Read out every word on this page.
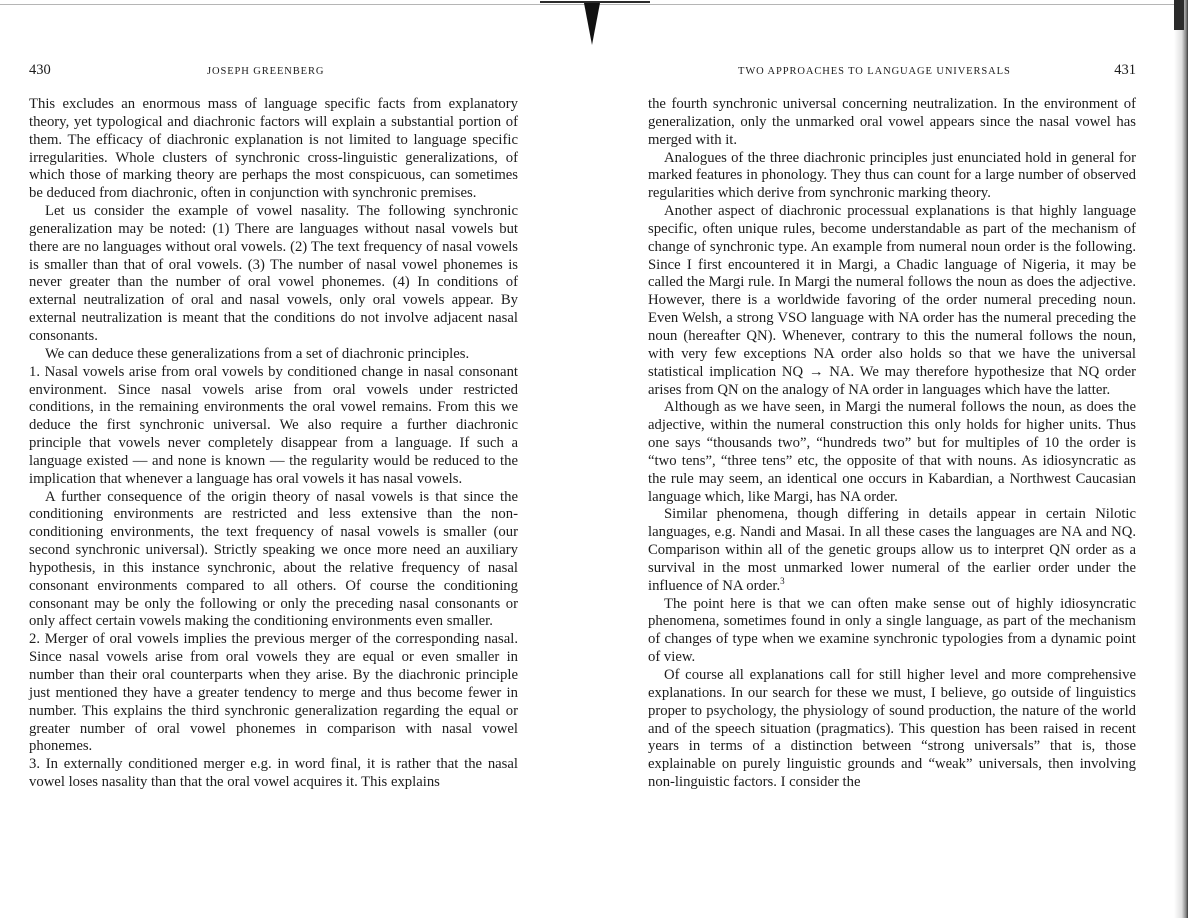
430	JOSEPH GREENBERG

This excludes an enormous mass of language specific facts from explanatory theory, yet typological and diachronic factors will explain a substantial portion of them. The efficacy of diachronic explanation is not limited to language specific irregularities. Whole clusters of synchronic cross-linguistic generalizations, of which those of marking theory are perhaps the most conspicuous, can sometimes be deduced from diachronic, often in conjunction with synchronic premises.

Let us consider the example of vowel nasality. The following synchronic generalization may be noted: (1) There are languages without nasal vowels but there are no languages without oral vowels. (2) The text frequency of nasal vowels is smaller than that of oral vowels. (3) The number of nasal vowel phonemes is never greater than the number of oral vowel phonemes. (4) In conditions of external neutralization of oral and nasal vowels, only oral vowels appear. By external neutralization is meant that the conditions do not involve adjacent nasal consonants.

We can deduce these generalizations from a set of diachronic principles.

1. Nasal vowels arise from oral vowels by conditioned change in nasal consonant environment. Since nasal vowels arise from oral vowels under restricted conditions, in the remaining environments the oral vowel remains. From this we deduce the first synchronic universal. We also require a further diachronic principle that vowels never completely disappear from a language. If such a language existed — and none is known — the regularity would be reduced to the implication that whenever a language has oral vowels it has nasal vowels.

A further consequence of the origin theory of nasal vowels is that since the conditioning environments are restricted and less extensive than the nonconditioning environments, the text frequency of nasal vowels is smaller (our second synchronic universal). Strictly speaking we once more need an auxiliary hypothesis, in this instance synchronic, about the relative frequency of nasal consonant environments compared to all others. Of course the conditioning consonant may be only the following or only the preceding nasal consonants or only affect certain vowels making the conditioning environments even smaller.

2. Merger of oral vowels implies the previous merger of the corresponding nasal. Since nasal vowels arise from oral vowels they are equal or even smaller in number than their oral counterparts when they arise. By the diachronic principle just mentioned they have a greater tendency to merge and thus become fewer in number. This explains the third synchronic generalization regarding the equal or greater number of oral vowel phonemes in comparison with nasal vowel phonemes.

3. In externally conditioned merger e.g. in word final, it is rather that the nasal vowel loses nasality than that the oral vowel acquires it. This explains

TWO APPROACHES TO LANGUAGE UNIVERSALS	431

the fourth synchronic universal concerning neutralization. In the environment of generalization, only the unmarked oral vowel appears since the nasal vowel has merged with it.

Analogues of the three diachronic principles just enunciated hold in general for marked features in phonology. They thus can count for a large number of observed regularities which derive from synchronic marking theory.

Another aspect of diachronic processual explanations is that highly language specific, often unique rules, become understandable as part of the mechanism of change of synchronic type. An example from numeral noun order is the following. Since I first encountered it in Margi, a Chadic language of Nigeria, it may be called the Margi rule. In Margi the numeral follows the noun as does the adjective. However, there is a worldwide favoring of the order numeral preceding noun. Even Welsh, a strong VSO language with NA order has the numeral preceding the noun (hereafter QN). Whenever, contrary to this the numeral follows the noun, with very few exceptions NA order also holds so that we have the universal statistical implication NQ → NA. We may therefore hypothesize that NQ order arises from QN on the analogy of NA order in languages which have the latter.

Although as we have seen, in Margi the numeral follows the noun, as does the adjective, within the numeral construction this only holds for higher units. Thus one says “thousands two”, “hundreds two” but for multiples of 10 the order is “two tens”, “three tens” etc, the opposite of that with nouns. As idiosyncratic as the rule may seem, an identical one occurs in Kabardian, a Northwest Caucasian language which, like Margi, has NA order.

Similar phenomena, though differing in details appear in certain Nilotic languages, e.g. Nandi and Masai. In all these cases the languages are NA and NQ. Comparison within all of the genetic groups allow us to interpret QN order as a survival in the most unmarked lower numeral of the earlier order under the influence of NA order.$^3$

The point here is that we can often make sense out of highly idiosyncratic phenomena, sometimes found in only a single language, as part of the mechanism of changes of type when we examine synchronic typologies from a dynamic point of view.

Of course all explanations call for still higher level and more comprehensive explanations. In our search for these we must, I believe, go outside of linguistics proper to psychology, the physiology of sound production, the nature of the world and of the speech situation (pragmatics). This question has been raised in recent years in terms of a distinction between “strong universals” that is, those explainable on purely linguistic grounds and “weak” universals, then involving non-linguistic factors. I consider the
